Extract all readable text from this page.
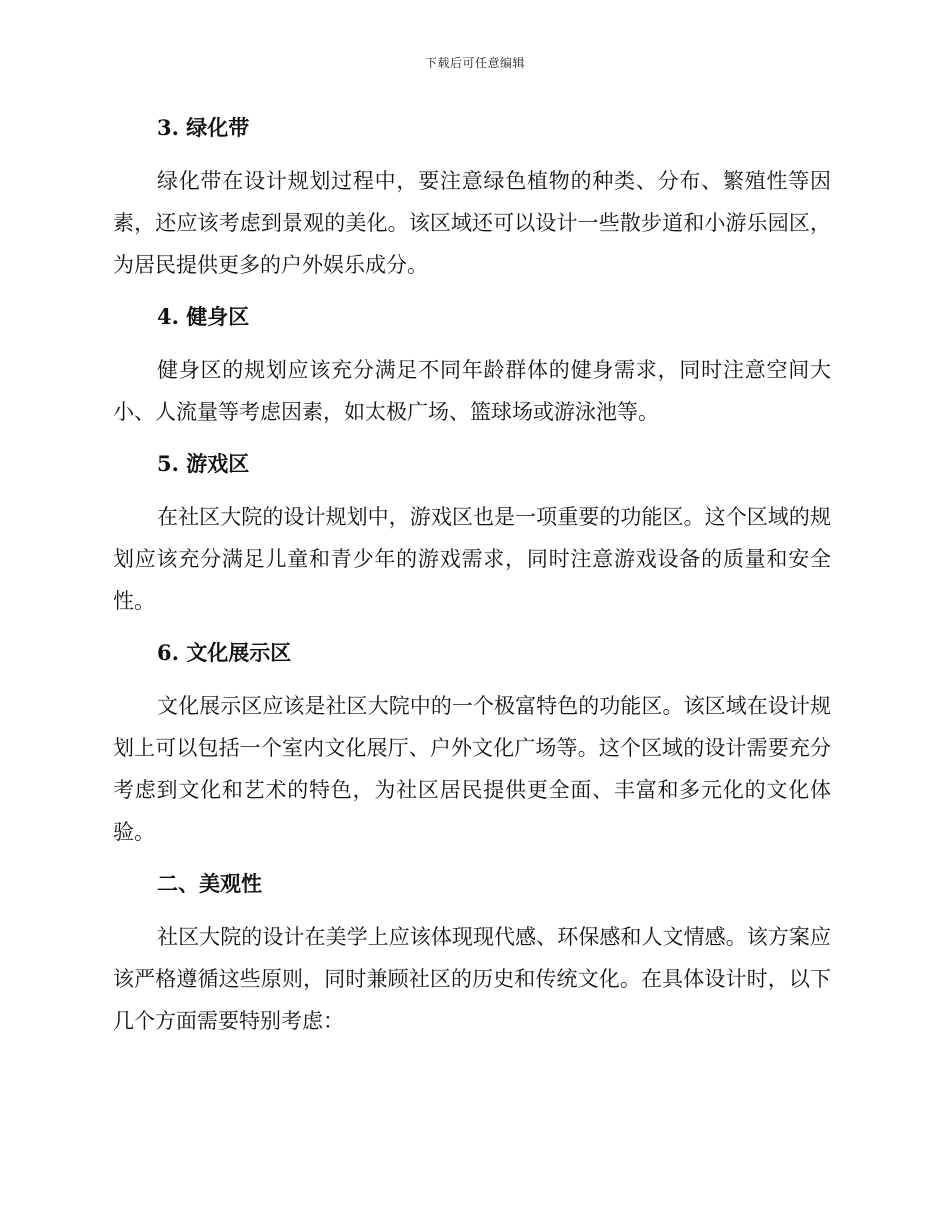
下载后可任意编辑
3. 绿化带

绿化带在设计规划过程中，要注意绿色植物的种类、分布、繁殖性等因素，还应该考虑到景观的美化。该区域还可以设计一些散步道和小游乐园区，为居民提供更多的户外娱乐成分。

4. 健身区

健身区的规划应该充分满足不同年龄群体的健身需求，同时注意空间大小、人流量等考虑因素，如太极广场、篮球场或游泳池等。

5. 游戏区

在社区大院的设计规划中，游戏区也是一项重要的功能区。这个区域的规划应该充分满足儿童和青少年的游戏需求，同时注意游戏设备的质量和安全性。

6. 文化展示区

文化展示区应该是社区大院中的一个极富特色的功能区。该区域在设计规划上可以包括一个室内文化展厅、户外文化广场等。这个区域的设计需要充分考虑到文化和艺术的特色，为社区居民提供更全面、丰富和多元化的文化体验。

二、美观性

社区大院的设计在美学上应该体现现代感、环保感和人文情感。该方案应该严格遵循这些原则，同时兼顾社区的历史和传统文化。在具体设计时，以下几个方面需要特别考虑：
